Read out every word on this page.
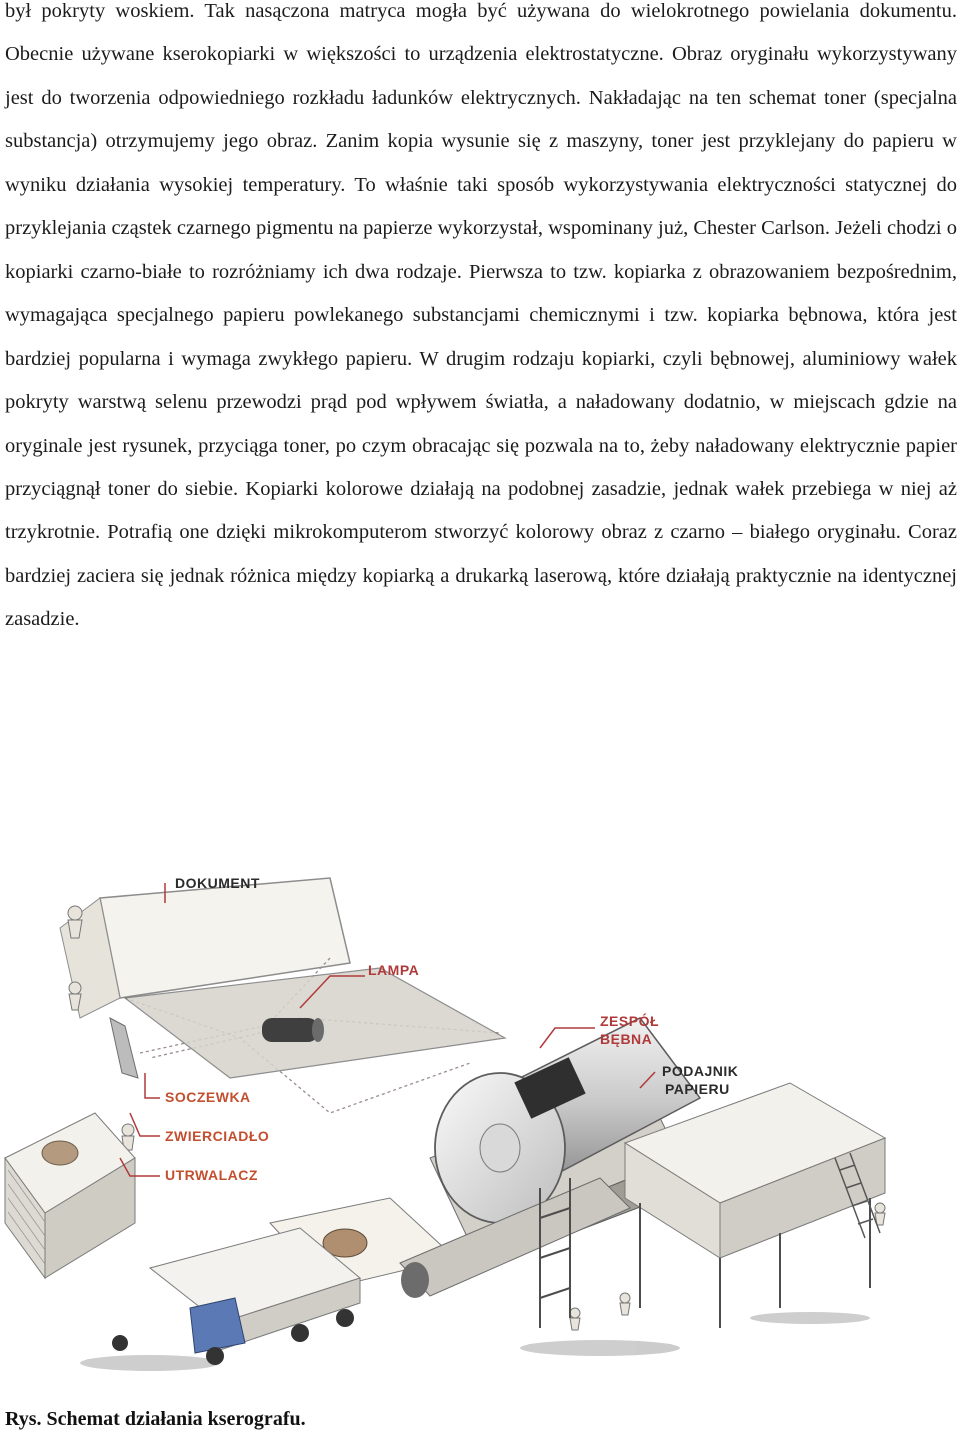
był pokryty woskiem. Tak nasączona matryca mogła być używana do wielokrotnego powielania dokumentu. Obecnie używane kserokopiarki w większości to urządzenia elektrostatyczne. Obraz oryginału wykorzystywany jest do tworzenia odpowiedniego rozkładu ładunków elektrycznych. Nakładając na ten schemat toner (specjalna substancja) otrzymujemy jego obraz. Zanim kopia wysunie się z maszyny, toner jest przyklejany do papieru w wyniku działania wysokiej temperatury. To właśnie taki sposób wykorzystywania elektryczności statycznej do przyklejania cząstek czarnego pigmentu na papierze wykorzystał, wspominany już, Chester Carlson. Jeżeli chodzi o kopiarki czarno-białe to rozróżniamy ich dwa rodzaje. Pierwsza to tzw. kopiarka z obrazowaniem bezpośrednim, wymagająca specjalnego papieru powlekanego substancjami chemicznymi i tzw. kopiarka bębnowa, która jest bardziej popularna i wymaga zwykłego papieru. W drugim rodzaju kopiarki, czyli bębnowej, aluminiowy wałek pokryty warstwą selenu przewodzi prąd pod wpływem światła, a naładowany dodatnio, w miejscach gdzie na oryginale jest rysunek, przyciąga toner, po czym obracając się pozwala na to, żeby naładowany elektrycznie papier przyciągnął toner do siebie. Kopiarki kolorowe działają na podobnej zasadzie, jednak wałek przebiega w niej aż trzykrotnie. Potrafią one dzięki mikrokomputerom stworzyć kolorowy obraz z czarno – białego oryginału. Coraz bardziej zaciera się jednak różnica między kopiarką a drukarką laserową, które działają praktycznie na identycznej zasadzie.

DOKUMENT
LAMPA
ZESPÓŁ
BĘBNA
PODAJNIK
PAPIERU
SOCZEWKA
ZWIERCIADŁO
UTRWALACZ
Rys. Schemat działania kserografu.
